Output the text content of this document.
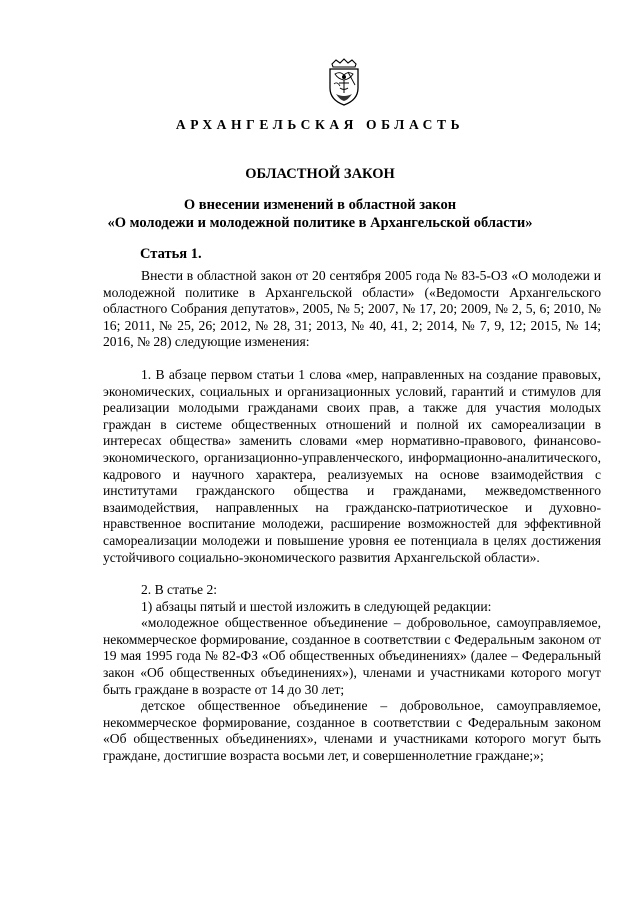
АРХАНГЕЛЬСКАЯ ОБЛАСТЬ
ОБЛАСТНОЙ ЗАКОН
О внесении изменений в областной закон
«О молодежи и молодежной политике в Архангельской области»
Статья 1.

Внести в областной закон от 20 сентября 2005 года № 83-5-ОЗ «О молодежи и молодежной политике в Архангельской области» («Ведомости Архангельского областного Собрания депутатов», 2005, № 5; 2007, № 17, 20; 2009, № 2, 5, 6; 2010, № 16; 2011, № 25, 26; 2012, № 28, 31; 2013, № 40, 41, 2; 2014, № 7, 9, 12; 2015, № 14; 2016, № 28) следующие изменения:

1. В абзаце первом статьи 1 слова «мер, направленных на создание правовых, экономических, социальных и организационных условий, гарантий и стимулов для реализации молодыми гражданами своих прав, а также для участия молодых граждан в системе общественных отношений и полной их самореализации в интересах общества» заменить словами «мер нормативно-правового, финансово-экономического, организационно-управленческого, информационно-аналитического, кадрового и научного характера, реализуемых на основе взаимодействия с институтами гражданского общества и гражданами, межведомственного взаимодействия, направленных на гражданско-патриотическое и духовно-нравственное воспитание молодежи, расширение возможностей для эффективной самореализации молодежи и повышение уровня ее потенциала в целях достижения устойчивого социально-экономического развития Архангельской области».

2. В статье 2:

1) абзацы пятый и шестой изложить в следующей редакции:

«молодежное общественное объединение – добровольное, самоуправляемое, некоммерческое формирование, созданное в соответствии с Федеральным законом от 19 мая 1995 года № 82-ФЗ «Об общественных объединениях» (далее – Федеральный закон «Об общественных объединениях»), членами и участниками которого могут быть граждане в возрасте от 14 до 30 лет;

детское общественное объединение – добровольное, самоуправляемое, некоммерческое формирование, созданное в соответствии с Федеральным законом «Об общественных объединениях», членами и участниками которого могут быть граждане, достигшие возраста восьми лет, и совершеннолетние граждане;»;
